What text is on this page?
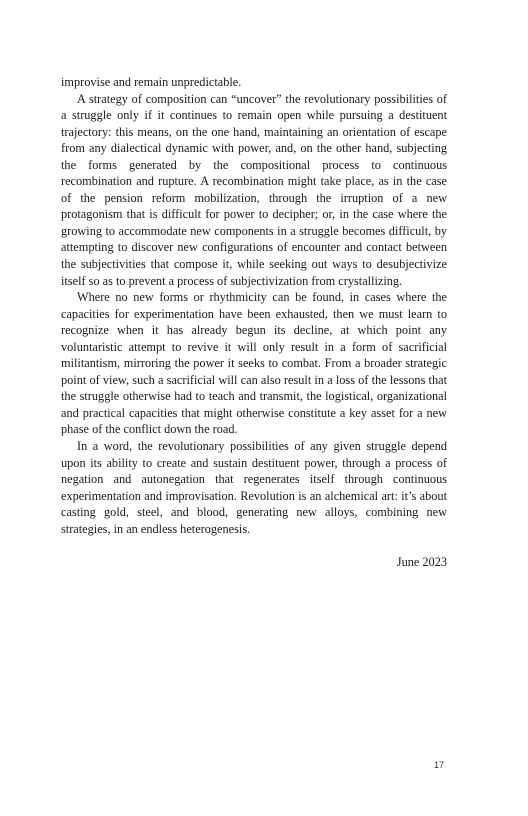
improvise and remain unpredictable.

A strategy of composition can “uncover” the revolutionary possibilities of a struggle only if it continues to remain open while pursuing a destituent trajectory: this means, on the one hand, maintaining an orientation of escape from any dialectical dynamic with power, and, on the other hand, subjecting the forms generated by the compositional process to continuous recombination and rupture. A recombination might take place, as in the case of the pension reform mobilization, through the irruption of a new protagonism that is difficult for power to decipher; or, in the case where the growing to accommodate new components in a struggle becomes difficult, by attempting to discover new configurations of encounter and contact between the subjectivities that compose it, while seeking out ways to desubjectivize itself so as to prevent a process of subjectivization from crystallizing.

Where no new forms or rhythmicity can be found, in cases where the capacities for experimentation have been exhausted, then we must learn to recognize when it has already begun its decline, at which point any voluntaristic attempt to revive it will only result in a form of sacrificial militantism, mirroring the power it seeks to combat. From a broader strategic point of view, such a sacrificial will can also result in a loss of the lessons that the struggle otherwise had to teach and transmit, the logistical, organizational and practical capacities that might otherwise constitute a key asset for a new phase of the conflict down the road.

In a word, the revolutionary possibilities of any given struggle depend upon its ability to create and sustain destituent power, through a process of negation and autonegation that regenerates itself through continuous experimentation and improvisation. Revolution is an alchemical art: it’s about casting gold, steel, and blood, generating new alloys, combining new strategies, in an endless heterogenesis.

June 2023

17
